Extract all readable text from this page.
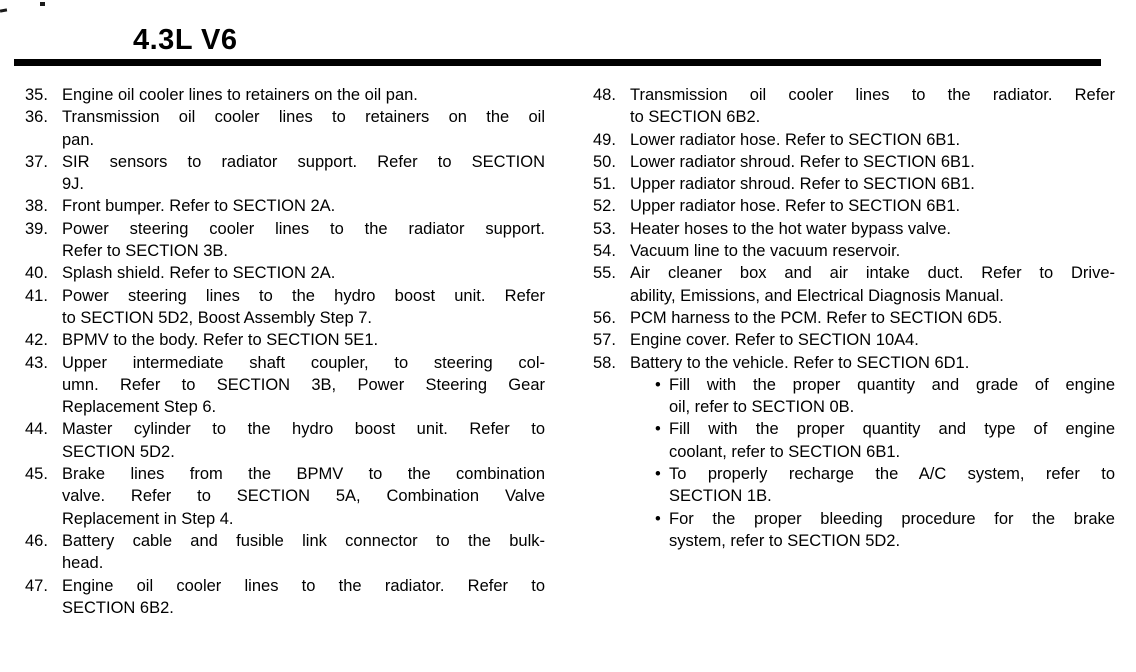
4.3L V6
35. Engine oil cooler lines to retainers on the oil pan.
36. Transmission oil cooler lines to retainers on the oil
pan.
37. SIR sensors to radiator support. Refer to SECTION
9J.
38. Front bumper. Refer to SECTION 2A.
39. Power steering cooler lines to the radiator support.
Refer to SECTION 3B.
40. Splash shield. Refer to SECTION 2A.
41. Power steering lines to the hydro boost unit. Refer
to SECTION 5D2, Boost Assembly Step 7.
42. BPMV to the body. Refer to SECTION 5E1.
43. Upper intermediate shaft coupler, to steering col-
umn. Refer to SECTION 3B, Power Steering Gear
Replacement Step 6.
44. Master cylinder to the hydro boost unit. Refer to
SECTION 5D2.
45. Brake lines from the BPMV to the combination
valve. Refer to SECTION 5A, Combination Valve
Replacement in Step 4.
46. Battery cable and fusible link connector to the bulk-
head.
47. Engine oil cooler lines to the radiator. Refer to
SECTION 6B2.
48. Transmission oil cooler lines to the radiator. Refer
to SECTION 6B2.
49. Lower radiator hose. Refer to SECTION 6B1.
50. Lower radiator shroud. Refer to SECTION 6B1.
51. Upper radiator shroud. Refer to SECTION 6B1.
52. Upper radiator hose. Refer to SECTION 6B1.
53. Heater hoses to the hot water bypass valve.
54. Vacuum line to the vacuum reservoir.
55. Air cleaner box and air intake duct. Refer to Drive-
ability, Emissions, and Electrical Diagnosis Manual.
56. PCM harness to the PCM. Refer to SECTION 6D5.
57. Engine cover. Refer to SECTION 10A4.
58. Battery to the vehicle. Refer to SECTION 6D1.
• Fill with the proper quantity and grade of engine
oil, refer to SECTION 0B.
• Fill with the proper quantity and type of engine
coolant, refer to SECTION 6B1.
• To properly recharge the A/C system, refer to
SECTION 1B.
• For the proper bleeding procedure for the brake
system, refer to SECTION 5D2.
